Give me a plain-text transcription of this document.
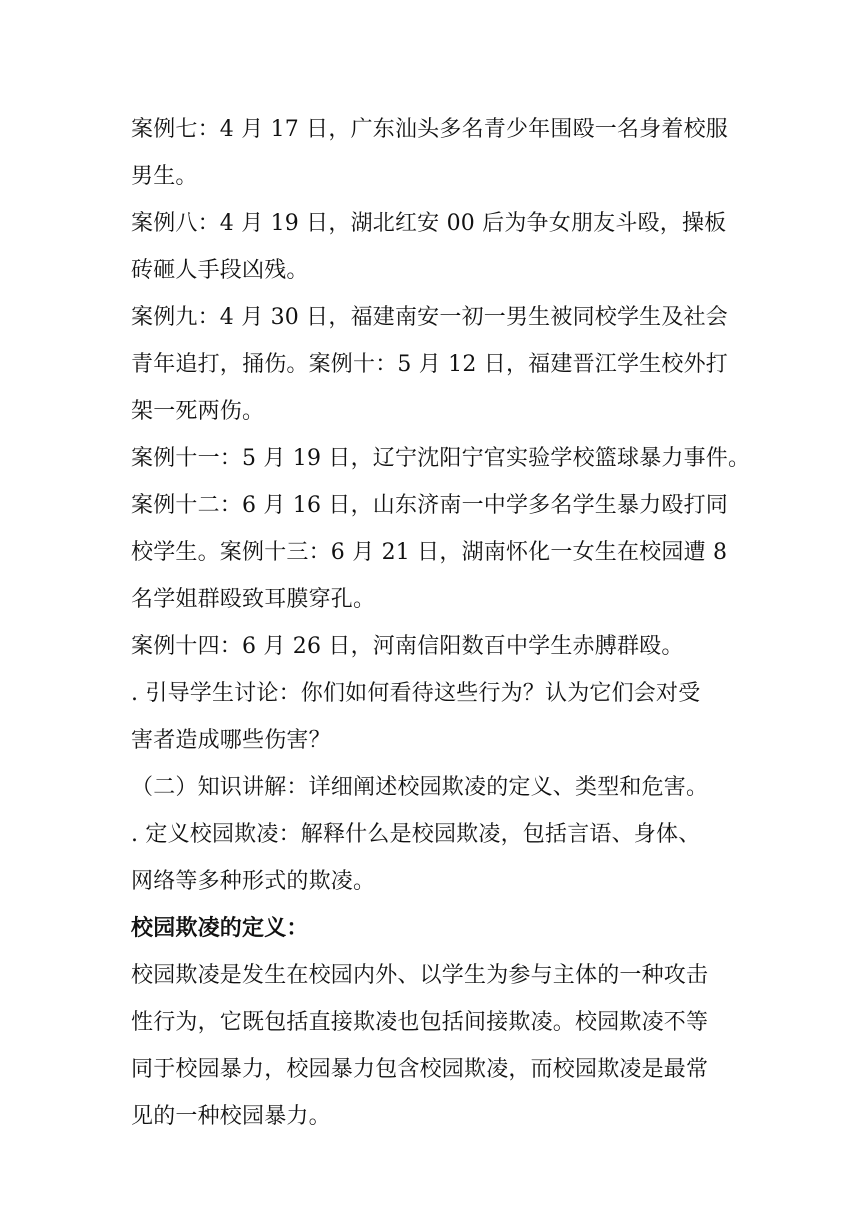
案例七：4 月 17 日，广东汕头多名青少年围殴一名身着校服
男生。
案例八：4 月 19 日，湖北红安 00 后为争女朋友斗殴，操板
砖砸人手段凶残。
案例九：4 月 30 日，福建南安一初一男生被同校学生及社会
青年追打，捅伤。案例十：5 月 12 日，福建晋江学生校外打
架一死两伤。
案例十一：5 月 19 日，辽宁沈阳宁官实验学校篮球暴力事件。
案例十二：6 月 16 日，山东济南一中学多名学生暴力殴打同
校学生。案例十三：6 月 21 日，湖南怀化一女生在校园遭 8
名学姐群殴致耳膜穿孔。
案例十四：6 月 26 日，河南信阳数百中学生赤膊群殴。
. 引导学生讨论：你们如何看待这些行为？认为它们会对受
害者造成哪些伤害？
（二）知识讲解：详细阐述校园欺凌的定义、类型和危害。
. 定义校园欺凌：解释什么是校园欺凌，包括言语、身体、
网络等多种形式的欺凌。
校园欺凌的定义：
校园欺凌是发生在校园内外、以学生为参与主体的一种攻击
性行为，它既包括直接欺凌也包括间接欺凌。校园欺凌不等
同于校园暴力，校园暴力包含校园欺凌，而校园欺凌是最常
见的一种校园暴力。
